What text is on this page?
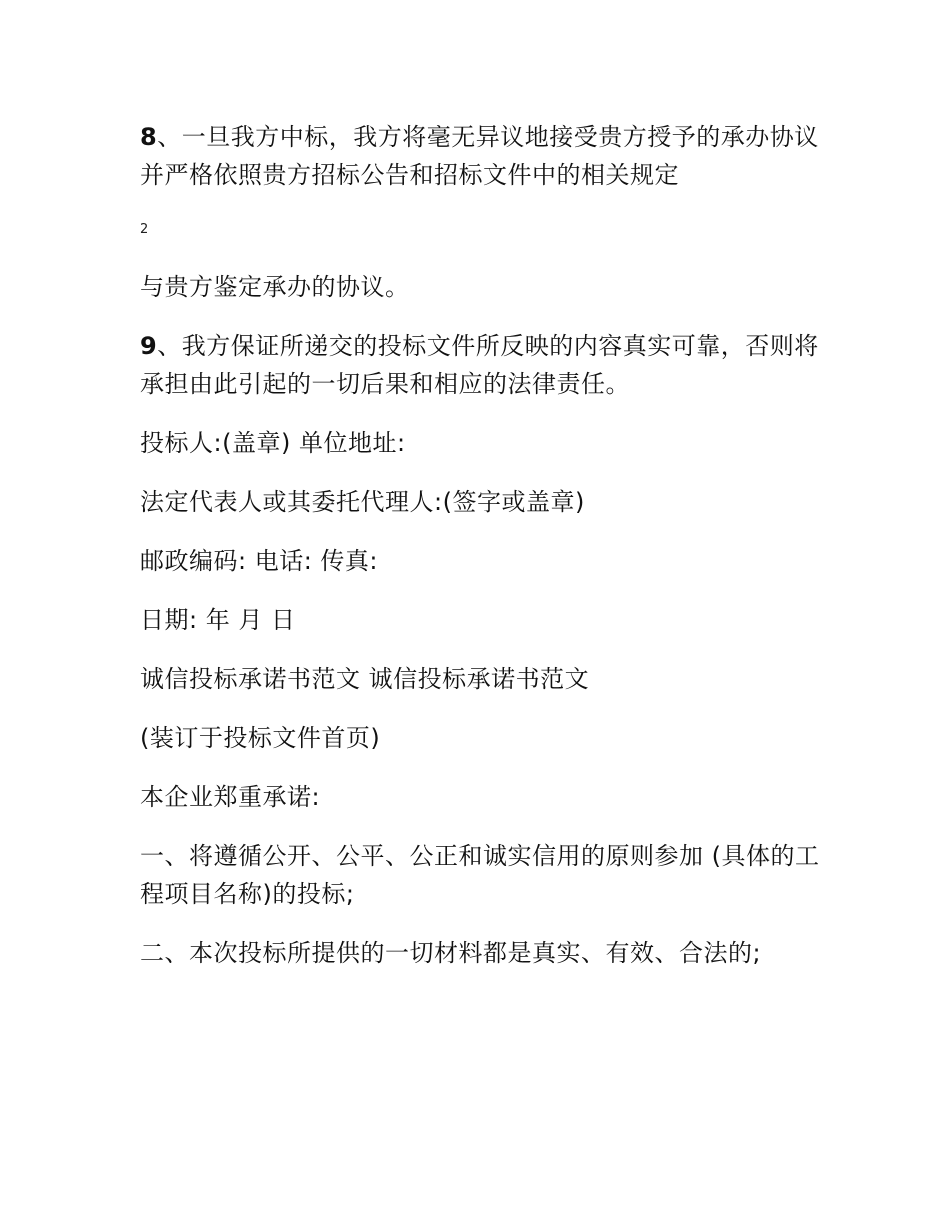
8、一旦我方中标，我方将毫无异议地接受贵方授予的承办协议并严格依照贵方招标公告和招标文件中的相关规定

2

与贵方鉴定承办的协议。

9、我方保证所递交的投标文件所反映的内容真实可靠，否则将承担由此引起的一切后果和相应的法律责任。

投标人:(盖章) 单位地址:

法定代表人或其委托代理人:(签字或盖章)

邮政编码: 电话: 传真:

日期: 年 月 日

诚信投标承诺书范文 诚信投标承诺书范文

(装订于投标文件首页)

本企业郑重承诺:

一、将遵循公开、公平、公正和诚实信用的原则参加 (具体的工程项目名称)的投标;

二、本次投标所提供的一切材料都是真实、有效、合法的;
